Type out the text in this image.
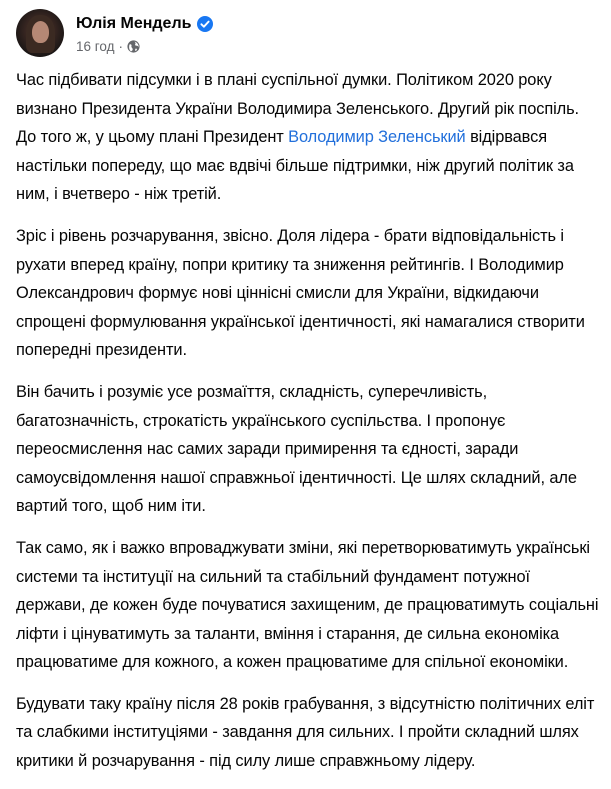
Юлія Мендель
16 год ·

Час підбивати підсумки і в плані суспільної думки. Політиком 2020 року визнано Президента України Володимира Зеленського. Другий рік поспіль. До того ж, у цьому плані Президент Володимир Зеленський відірвався настільки попереду, що має вдвічі більше підтримки, ніж другий політик за ним, і вчетверо - ніж третій.

Зріс і рівень розчарування, звісно. Доля лідера - брати відповідальність і рухати вперед країну, попри критику та зниження рейтингів. І Володимир Олександрович формує нові ціннісні смисли для України, відкидаючи спрощені формулювання української ідентичності, які намагалися створити попередні президенти.

Він бачить і розуміє усе розмаїття, складність, суперечливість, багатозначність, строкатість українського суспільства. І пропонує переосмислення нас самих заради примирення та єдності, заради самоусвідомлення нашої справжньої ідентичності. Це шлях складний, але вартий того, щоб ним іти.

Так само, як і важко впроваджувати зміни, які перетворюватимуть українські системи та інституції на сильний та стабільний фундамент потужної держави, де кожен буде почуватися захищеним, де працюватимуть соціальні ліфти і цінуватимуть за таланти, вміння і старання, де сильна економіка працюватиме для кожного, а кожен працюватиме для спільної економіки.

Будувати таку країну після 28 років грабування, з відсутністю політичних еліт та слабкими інституціями - завдання для сильних. І пройти складний шлях критики й розчарування - під силу лише справжньому лідеру.
